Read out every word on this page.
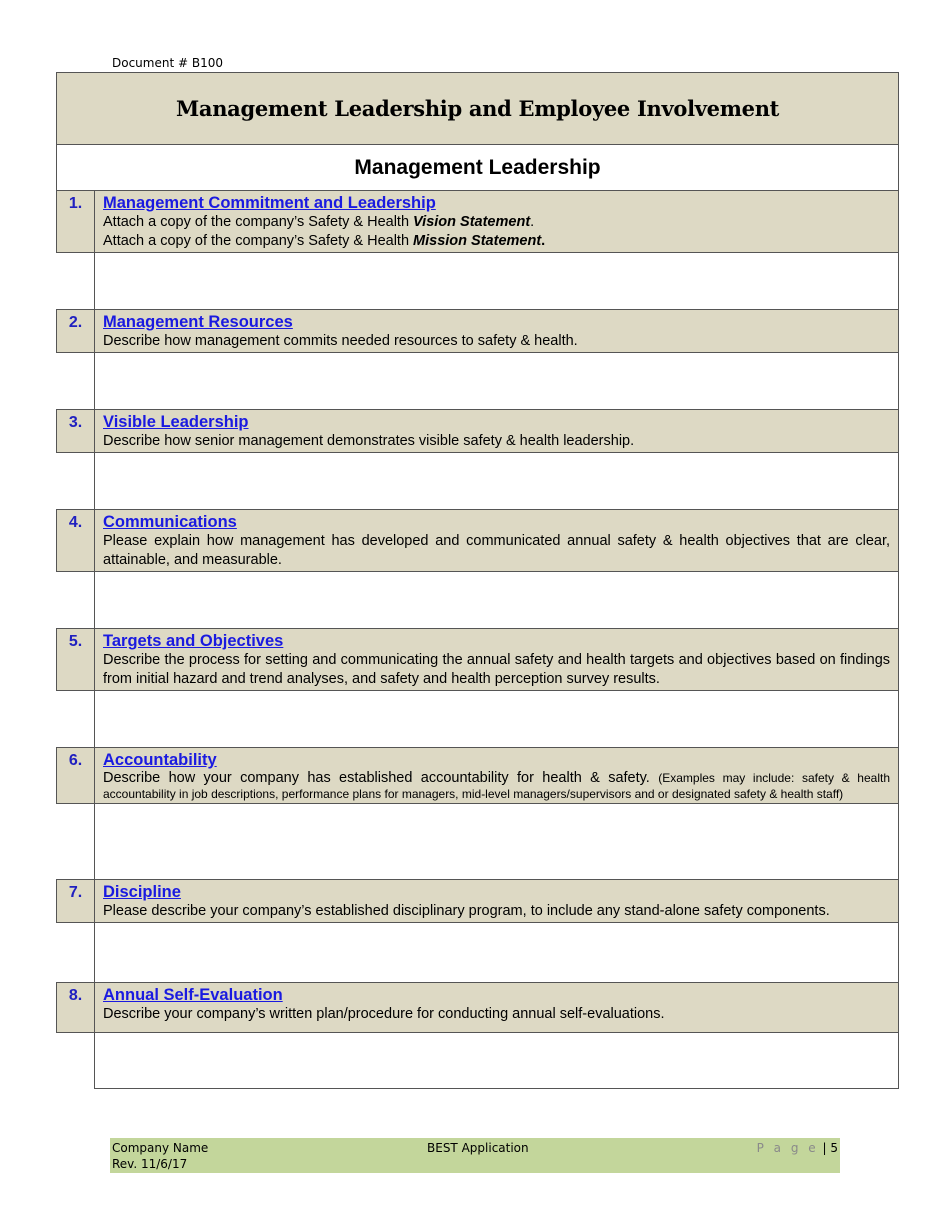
Document # B100
Management Leadership and Employee Involvement	
Management Leadership	
1.	Management Commitment and Leadership
Attach a copy of the company’s Safety & Health Vision Statement.
Attach a copy of the company’s Safety & Health Mission Statement.

2.	Management Resources
Describe how management commits needed resources to safety & health.

3.	Visible Leadership
Describe how senior management demonstrates visible safety & health leadership.

4.	Communications
Please explain how management has developed and communicated annual safety & health objectives that are clear, attainable, and measurable.

5.	Targets and Objectives
Describe the process for setting and communicating the annual safety and health targets and objectives based on findings from initial hazard and trend analyses, and safety and health perception survey results.

6.	Accountability
Describe how your company has established accountability for health & safety. (Examples may include: safety & health accountability in job descriptions, performance plans for managers, mid-level managers/supervisors and or designated safety & health staff)

7.	Discipline
Please describe your company’s established disciplinary program, to include any stand-alone safety components.

8.	Annual Self-Evaluation
Describe your company’s written plan/procedure for conducting annual self-evaluations.

Company Name
Rev. 11/6/17
BEST Application	P a g e | 5
